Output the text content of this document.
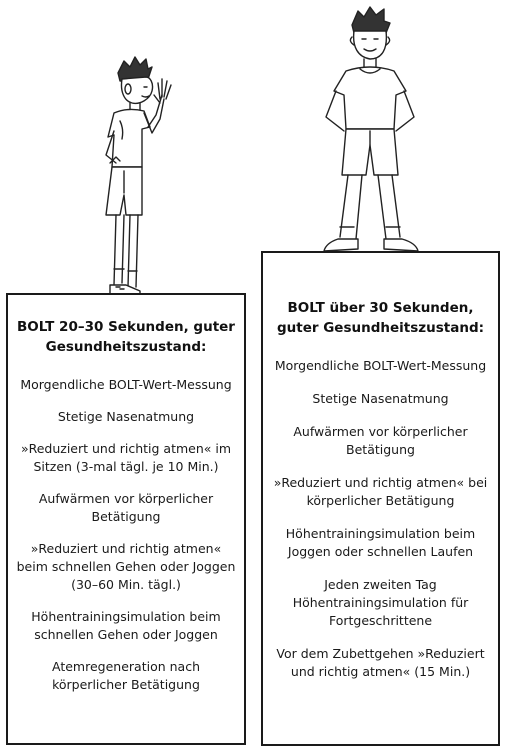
BOLT 20–30 Sekunden, guter Gesundheitszustand:
Morgendliche BOLT-Wert-Messung
Stetige Nasenatmung
»Reduziert und richtig atmen« im Sitzen (3-mal tägl. je 10 Min.)
Aufwärmen vor körperlicher Betätigung
»Reduziert und richtig atmen« beim schnellen Gehen oder Joggen (30–60 Min. tägl.)
Höhentrainingsimulation beim schnellen Gehen oder Joggen
Atemregeneration nach körperlicher Betätigung
BOLT über 30 Sekunden, guter Gesundheitszustand:
Morgendliche BOLT-Wert-Messung
Stetige Nasenatmung
Aufwärmen vor körperlicher Betätigung
»Reduziert und richtig atmen« bei körperlicher Betätigung
Höhentrainingsimulation beim Joggen oder schnellen Laufen
Jeden zweiten Tag Höhentrainingsimulation für Fortgeschrittene
Vor dem Zubettgehen »Reduziert und richtig atmen« (15 Min.)
